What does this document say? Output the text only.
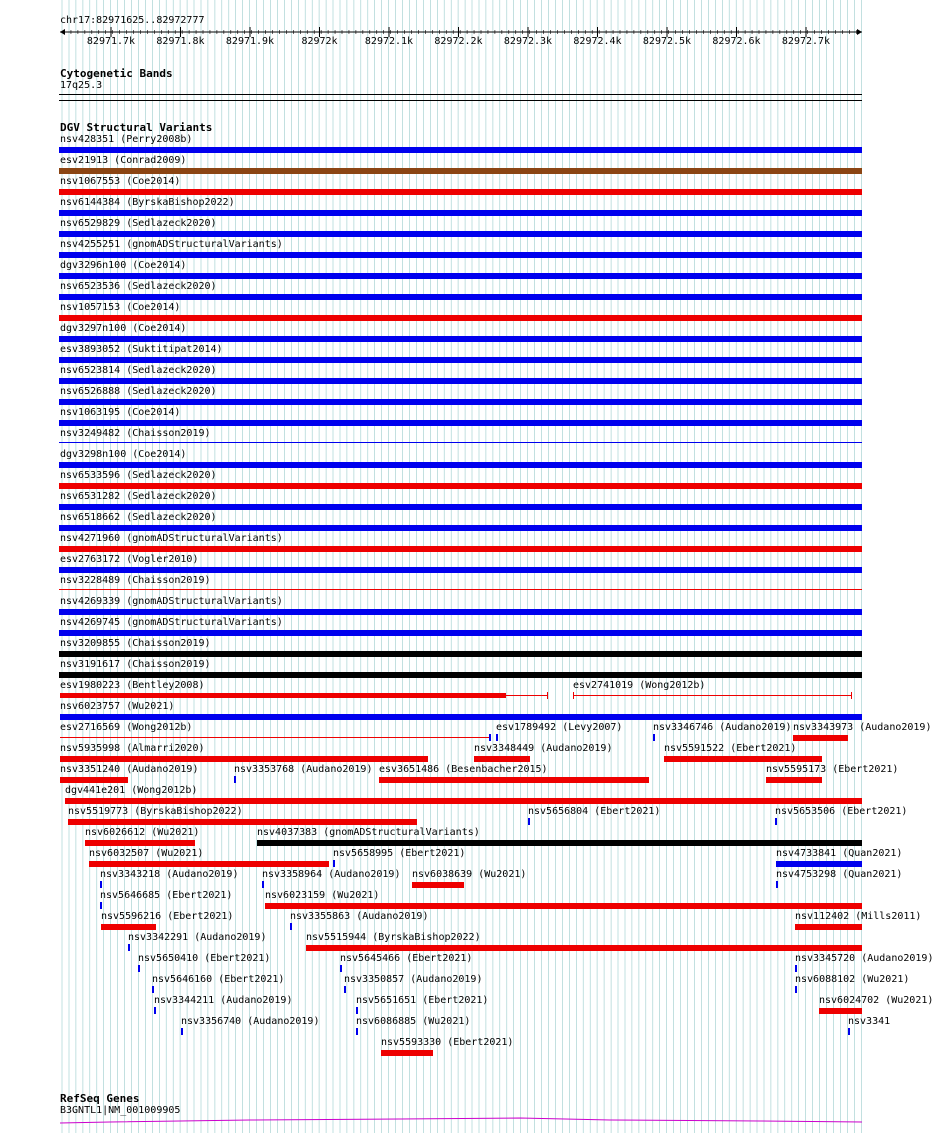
chr17:82971625..82972777
82971.7k 82971.8k 82971.9k	82972k	82972.1k 82972.2k 82972.3k 82972.4k 82972.5k 82972.6k 82972.7k
Cytogenetic Bands
17q25.3
DGV Structural Variants
nsv428351 (Perry2008b)
esv21913 (Conrad2009)
nsv1067553 (Coe2014)
nsv6144384 (ByrskaBishop2022)
nsv6529829 (Sedlazeck2020)
nsv4255251 (gnomADStructuralVariants)
dgv3296n100 (Coe2014)
nsv6523536 (Sedlazeck2020)
nsv1057153 (Coe2014)
dgv3297n100 (Coe2014)
esv3893052 (Suktitipat2014)
nsv6523814 (Sedlazeck2020)
nsv6526888 (Sedlazeck2020)
nsv1063195 (Coe2014)
nsv3249482 (Chaisson2019)
dgv3298n100 (Coe2014)
nsv6533596 (Sedlazeck2020)
nsv6531282 (Sedlazeck2020)
nsv6518662 (Sedlazeck2020)
nsv4271960 (gnomADStructuralVariants)
esv2763172 (Vogler2010)
nsv3228489 (Chaisson2019)
nsv4269339 (gnomADStructuralVariants)
nsv4269745 (gnomADStructuralVariants)
nsv3209855 (Chaisson2019)
nsv3191617 (Chaisson2019)
esv1980223 (Bentley2008)	esv2741019 (Wong2012b)
nsv6023757 (Wu2021)
esv2716569 (Wong2012b)	esv1789492 (Levy2007)	nsv3346746 (Audano2019) nsv3343973 (Audano2019)
nsv5935998 (Almarri2020)	nsv3348449 (Audano2019)	nsv5591522 (Ebert2021)
nsv3351240 (Audano2019)	nsv3353768 (Audano2019) esv3651486 (Besenbacher2015)	nsv5595173 (Ebert2021)
dgv441e201 (Wong2012b)
nsv5519773 (ByrskaBishop2022)	nsv5656804 (Ebert2021)	nsv5653506 (Ebert2021)
nsv6026612 (Wu2021)	nsv4037383 (gnomADStructuralVariants)
nsv6032507 (Wu2021)	nsv5658995 (Ebert2021)	nsv4733841 (Quan2021)
nsv3343218 (Audano2019) nsv3358964 (Audano2019) nsv6038639 (Wu2021)	nsv4753298 (Quan2021)
nsv5646685 (Ebert2021)	nsv6023159 (Wu2021)
nsv5596216 (Ebert2021)	nsv3355863 (Audano2019)	nsv112402 (Mills2011)
nsv3342291 (Audano2019)	nsv5515944 (ByrskaBishop2022)
nsv5650410 (Ebert2021)	nsv5645466 (Ebert2021)	nsv3345720 (Audano2019)
nsv5646160 (Ebert2021)	nsv3350857 (Audano2019)	nsv6088102 (Wu2021)
nsv3344211 (Audano2019)	nsv5651651 (Ebert2021)	nsv6024702 (Wu2021)
nsv3356740 (Audano2019)	nsv6086885 (Wu2021)	nsv3341
nsv5593330 (Ebert2021)
RefSeq Genes
B3GNTL1|NM_001009905
